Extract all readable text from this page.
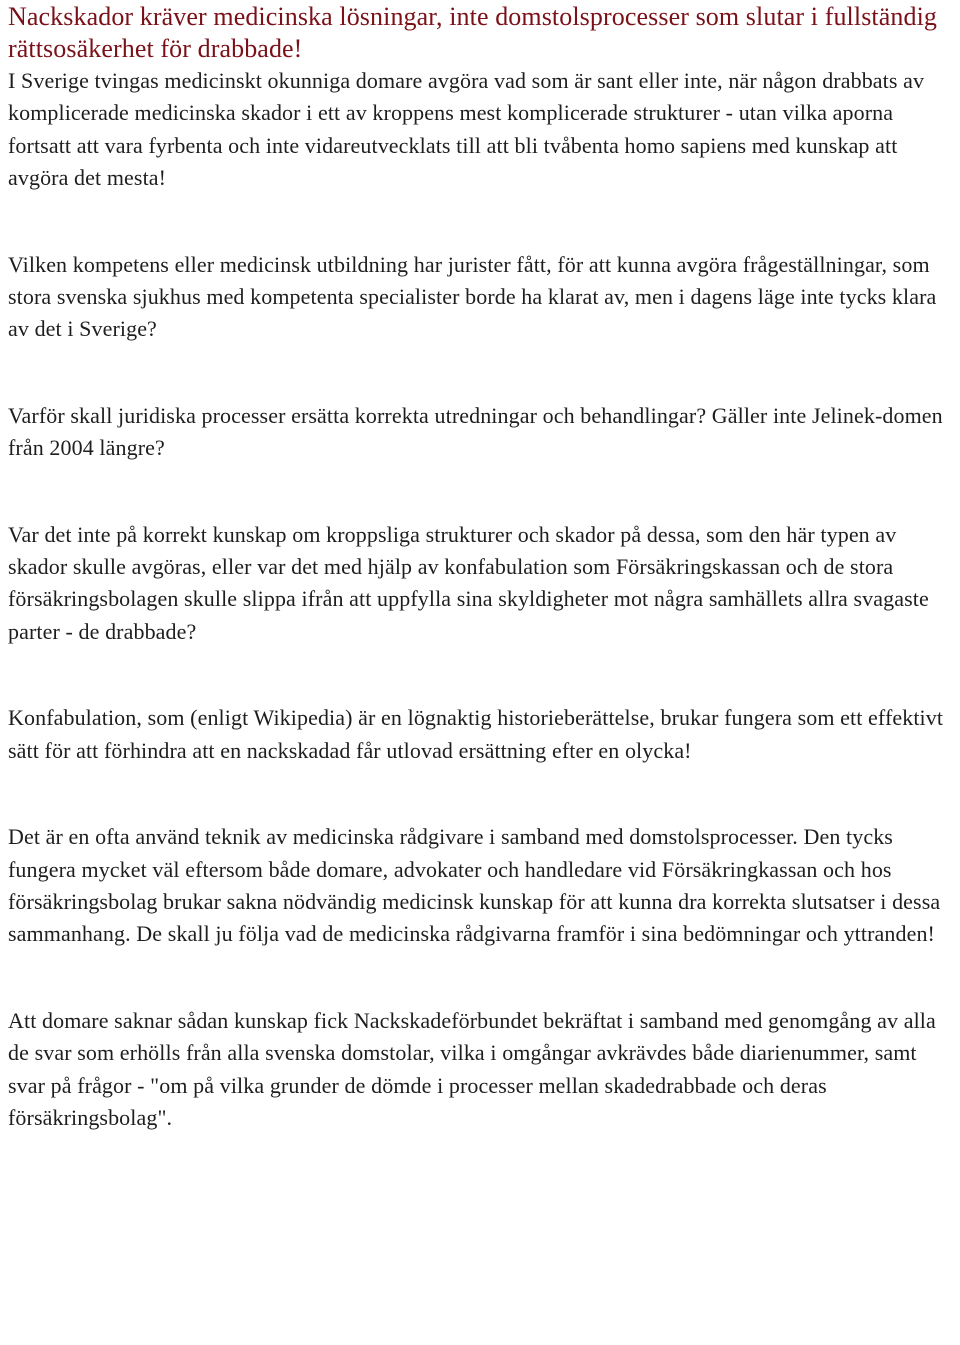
Nackskador kräver medicinska lösningar, inte domstolsprocesser som slutar i fullständig rättsosäkerhet för drabbade!

I Sverige tvingas medicinskt okunniga domare avgöra vad som är sant eller inte, när någon drabbats av komplicerade medicinska skador i ett av kroppens mest komplicerade strukturer - utan vilka aporna fortsatt att vara fyrbenta och inte vidareutvecklats till att bli tvåbenta homo sapiens med kunskap att avgöra det mesta!

Vilken kompetens eller medicinsk utbildning har jurister fått, för att kunna avgöra frågeställningar, som stora svenska sjukhus med kompetenta specialister borde ha klarat av, men i dagens läge inte tycks klara av det i Sverige?

Varför skall juridiska processer ersätta korrekta utredningar och behandlingar? Gäller inte Jelinek-domen från 2004 längre?

Var det inte på korrekt kunskap om kroppsliga strukturer och skador på dessa, som den här typen av skador skulle avgöras, eller var det med hjälp av konfabulation som Försäkringskassan och de stora försäkringsbolagen skulle slippa ifrån att uppfylla sina skyldigheter mot några samhällets allra svagaste parter - de drabbade?

Konfabulation, som (enligt Wikipedia) är en lögnaktig historieberättelse, brukar fungera som ett effektivt sätt för att förhindra att en nackskadad får utlovad ersättning efter en olycka!

Det är en ofta använd teknik av medicinska rådgivare i samband med domstolsprocesser. Den tycks fungera mycket väl eftersom både domare, advokater och handledare vid Försäkringkassan och hos försäkringsbolag brukar sakna nödvändig medicinsk kunskap för att kunna dra korrekta slutsatser i dessa sammanhang. De skall ju följa vad de medicinska rådgivarna framför i sina bedömningar och yttranden!

Att domare saknar sådan kunskap fick Nackskadeförbundet bekräftat i samband med genomgång av alla de svar som erhölls från alla svenska domstolar, vilka i omgångar avkrävdes både diarienummer, samt svar på frågor - "om på vilka grunder de dömde i processer mellan skadedrabbade och deras försäkringsbolag".
